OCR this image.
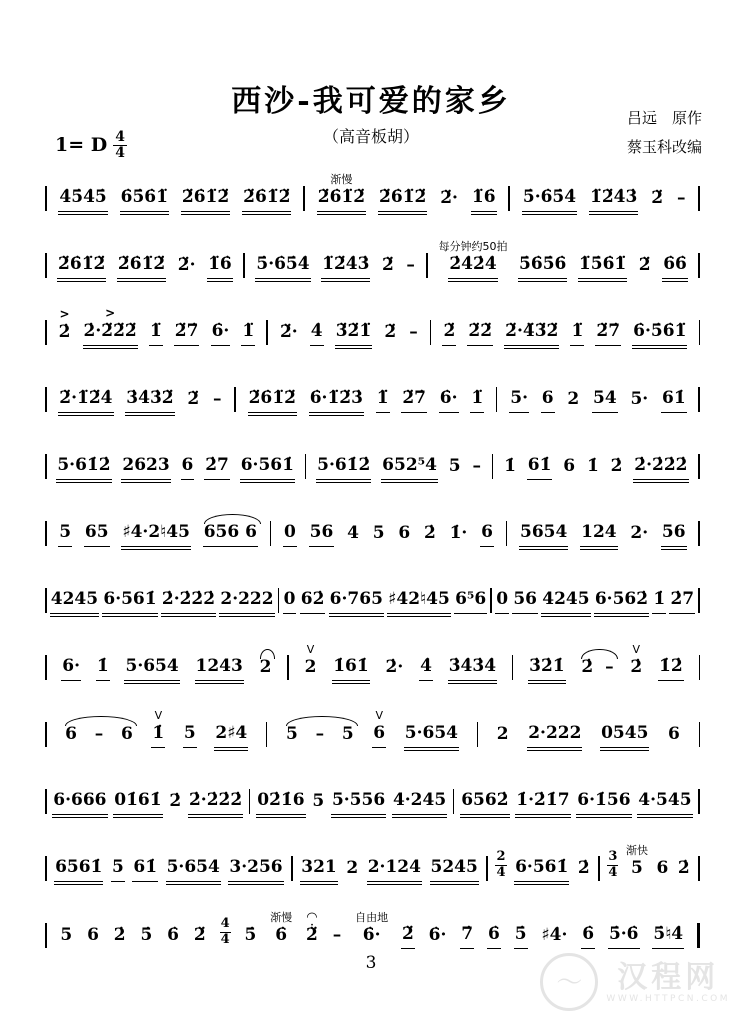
西沙-我可爱的家乡
（高音板胡）
1= D $\frac{4}{4}$
吕远　原作
蔡玉科改编
4̇5̇4̇5̇ 6̇5̇6̇1̈ 2̈6̇1̈2̈ 2̈6̇1̈2̈
渐慢
2̈6̇1̈2̈ 2̈6̇1̈2̈ 2̈· 1̈6̇ 5̇·6̇5̇4̇ 1̈2̈4̇3̇ 2̈ –
2̈6̇1̈2̈ 2̈6̇1̈2̈ 2̈· 1̈6̇ 5̇·6̇5̇4̇ 1̈2̈4̇3̇ 2̈ –
每分钟约50拍
2̇4̇2̇4̇ 5̇6̇5̇6̇ 1̈5̇6̇1̈ 2̈ 6̇6̇
>
2̇
>
2̇·2̈2̈2̈ 1̈ 2̈7̇ 6̇· 1̈ 2̈· 4̇ 3̈2̈1̈ 2̈ – 2̈ 2̈2̈ 2̈·4̈3̈2̈ 1̈ 2̈7̇ 6̇·5̇6̇1̈
2̈·1̈2̈4̇ 3̇4̇3̇2̈ 2̈ – 2̈6̇1̈2̈ 6̇·1̈2̈3̇ 1̈ 2̈7̇ 6̇· 1̈ 5· 6 2 54 5· 61̇
5·61̇2̇ 2623 6 2̇7 6·561̇ 5·61̇2̇ 652⁵4 5 – 1̇ 61̇ 6 1̇ 2̇ 2̇·2̇2̇2̇
5 65 ♯4·2♮45 656 6 0 56 4 5 6 2̇ 1̇· 6 5654 124 2· 56
4245 6·561̇ 2̇·2̇2̇2̇ 2·222 0 62̇ 6·765 ♯42♮45 6⁵6 0 56 4245 6·562̇ 1̇ 2̇7
6· 1̇ 5·654 1243 2
V
2 1̇61̇ 2̇· 4̇ 3̇4̇3̇4̇ 3̇2̇1̇ 2̇  –
V
2̇ 1̇2̇
6   –   6
V
1̇ 5 2♯4 5   –   5
V
6 5·654 2 2·222 0545 6
6·666 01̇61̇ 2̇ 2̇·2̇2̇2̇ 02̇1̇6 5 5·556 4·245 6562̇ 1̇·2̇1̇7 6·1̇56 4·545
6561̇ 5 61̇ 5·654 3·256 321 2 2·124 5245
2
4 6·561̇ 2̇
3
4
渐快
5 6 2̇
5 6 2̇ 5̇ 6̇ 2̈
4
4 5̇
渐慢
6̇
◠ •
2̈ –
自由地
6̇· 2̈ 6̇· 7̇ 6̇ 5̇ ♯4̇· 6̇ 5̇·6̇ 5̇♮4̇
3
〜	汉程网
WWW.HTTPCN.COM
